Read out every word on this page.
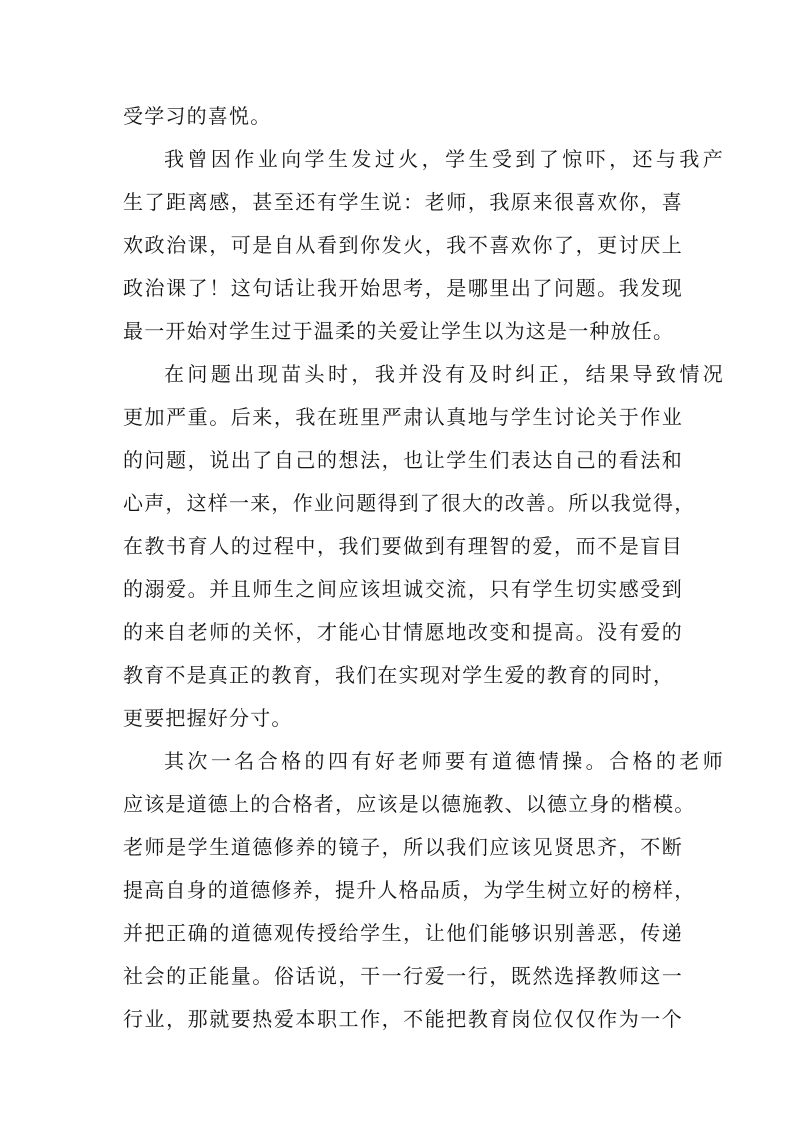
受学习的喜悦。
我曾因作业向学生发过火，学生受到了惊吓，还与我产
生了距离感，甚至还有学生说：老师，我原来很喜欢你，喜
欢政治课，可是自从看到你发火，我不喜欢你了，更讨厌上
政治课了！这句话让我开始思考，是哪里出了问题。我发现
最一开始对学生过于温柔的关爱让学生以为这是一种放任。
在问题出现苗头时，我并没有及时纠正，结果导致情况
更加严重。后来，我在班里严肃认真地与学生讨论关于作业
的问题，说出了自己的想法，也让学生们表达自己的看法和
心声，这样一来，作业问题得到了很大的改善。所以我觉得，
在教书育人的过程中，我们要做到有理智的爱，而不是盲目
的溺爱。并且师生之间应该坦诚交流，只有学生切实感受到
的来自老师的关怀，才能心甘情愿地改变和提高。没有爱的
教育不是真正的教育，我们在实现对学生爱的教育的同时，
更要把握好分寸。
其次一名合格的四有好老师要有道德情操。合格的老师
应该是道德上的合格者，应该是以德施教、以德立身的楷模。
老师是学生道德修养的镜子，所以我们应该见贤思齐，不断
提高自身的道德修养，提升人格品质，为学生树立好的榜样，
并把正确的道德观传授给学生，让他们能够识别善恶，传递
社会的正能量。俗话说，干一行爱一行，既然选择教师这一
行业，那就要热爱本职工作，不能把教育岗位仅仅作为一个
